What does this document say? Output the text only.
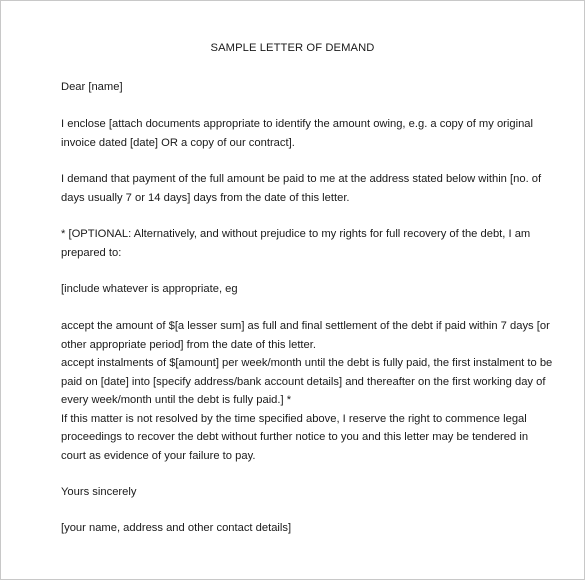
SAMPLE LETTER OF DEMAND
Dear [name]
I enclose [attach documents appropriate to identify the amount owing, e.g. a copy of my original
invoice dated [date] OR a copy of our contract].
I demand that payment of the full amount be paid to me at the address stated below within [no. of
days usually 7 or 14 days] days from the date of this letter.
* [OPTIONAL: Alternatively, and without prejudice to my rights for full recovery of the debt, I am
prepared to:
[include whatever is appropriate, eg
accept the amount of $[a lesser sum] as full and final settlement of the debt if paid within 7 days [or
other appropriate period] from the date of this letter.
accept instalments of $[amount] per week/month until the debt is fully paid, the first instalment to be
paid on [date] into [specify address/bank account details] and thereafter on the first working day of
every week/month until the debt is fully paid.] *
If this matter is not resolved by the time specified above, I reserve the right to commence legal
proceedings to recover the debt without further notice to you and this letter may be tendered in
court as evidence of your failure to pay.
Yours sincerely
[your name, address and other contact details]
